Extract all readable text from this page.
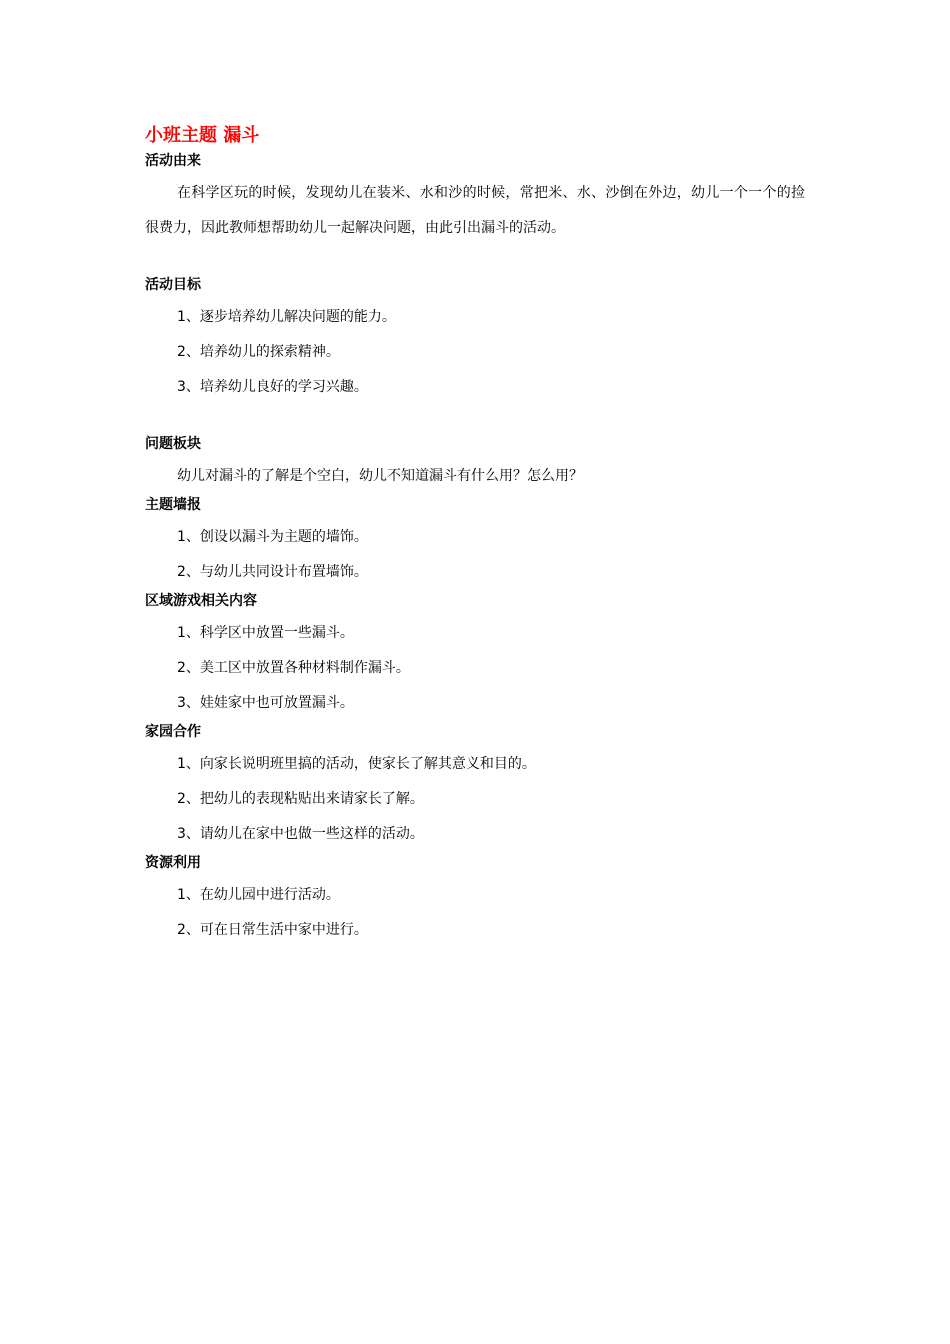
小班主题 漏斗
活动由来

在科学区玩的时候，发现幼儿在装米、水和沙的时候，常把米、水、沙倒在外边，幼儿一个一个的捡很费力，因此教师想帮助幼儿一起解决问题，由此引出漏斗的活动。

活动目标

1、逐步培养幼儿解决问题的能力。

2、培养幼儿的探索精神。

3、培养幼儿良好的学习兴趣。

问题板块

幼儿对漏斗的了解是个空白，幼儿不知道漏斗有什么用？怎么用？

主题墙报

1、创设以漏斗为主题的墙饰。

2、与幼儿共同设计布置墙饰。

区域游戏相关内容

1、科学区中放置一些漏斗。

2、美工区中放置各种材料制作漏斗。

3、娃娃家中也可放置漏斗。

家园合作

1、向家长说明班里搞的活动，使家长了解其意义和目的。

2、把幼儿的表现粘贴出来请家长了解。

3、请幼儿在家中也做一些这样的活动。

资源利用

1、在幼儿园中进行活动。

2、可在日常生活中家中进行。
